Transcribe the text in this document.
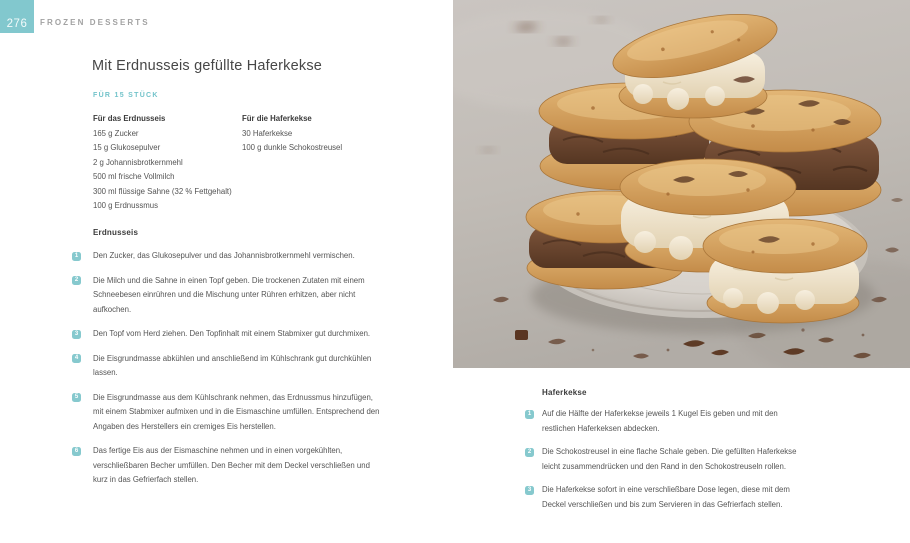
276 FROZEN DESSERTS
Mit Erdnusseis gefüllte Haferkekse
FÜR 15 STÜCK
Für das Erdnusseis
165 g Zucker
15 g Glukosepulver
2 g Johannisbrotkernmehl
500 ml frische Vollmilch
300 ml flüssige Sahne (32 % Fettgehalt)
100 g Erdnussmus
Für die Haferkekse
30 Haferkekse
100 g dunkle Schokostreusel
Erdnusseis
1	Den Zucker, das Glukosepulver und das Johannisbrotkernmehl vermischen.

2	Die Milch und die Sahne in einen Topf geben. Die trockenen Zutaten mit einem Schneebesen einrühren und die Mischung unter Rühren erhitzen, aber nicht aufkochen.

3	Den Topf vom Herd ziehen. Den Topfinhalt mit einem Stabmixer gut durchmixen.

4	Die Eisgrundmasse abkühlen und anschließend im Kühlschrank gut durchkühlen lassen.

5	Die Eisgrundmasse aus dem Kühlschrank nehmen, das Erdnussmus hinzufügen, mit einem Stabmixer aufmixen und in die Eismaschine umfüllen. Entsprechend den Angaben des Herstellers ein cremiges Eis herstellen.

6	Das fertige Eis aus der Eismaschine nehmen und in einen vorgekühlten, verschließbaren Becher umfüllen. Den Becher mit dem Deckel verschließen und kurz in das Gefrierfach stellen.

Haferkekse
1	Auf die Hälfte der Haferkekse jeweils 1 Kugel Eis geben und mit den restlichen Haferkeksen abdecken.

2	Die Schokostreusel in eine flache Schale geben. Die gefüllten Haferkekse leicht zusammendrücken und den Rand in den Schokostreuseln rollen.

3	Die Haferkekse sofort in eine verschließbare Dose legen, diese mit dem Deckel verschließen und bis zum Servieren in das Gefrierfach stellen.
